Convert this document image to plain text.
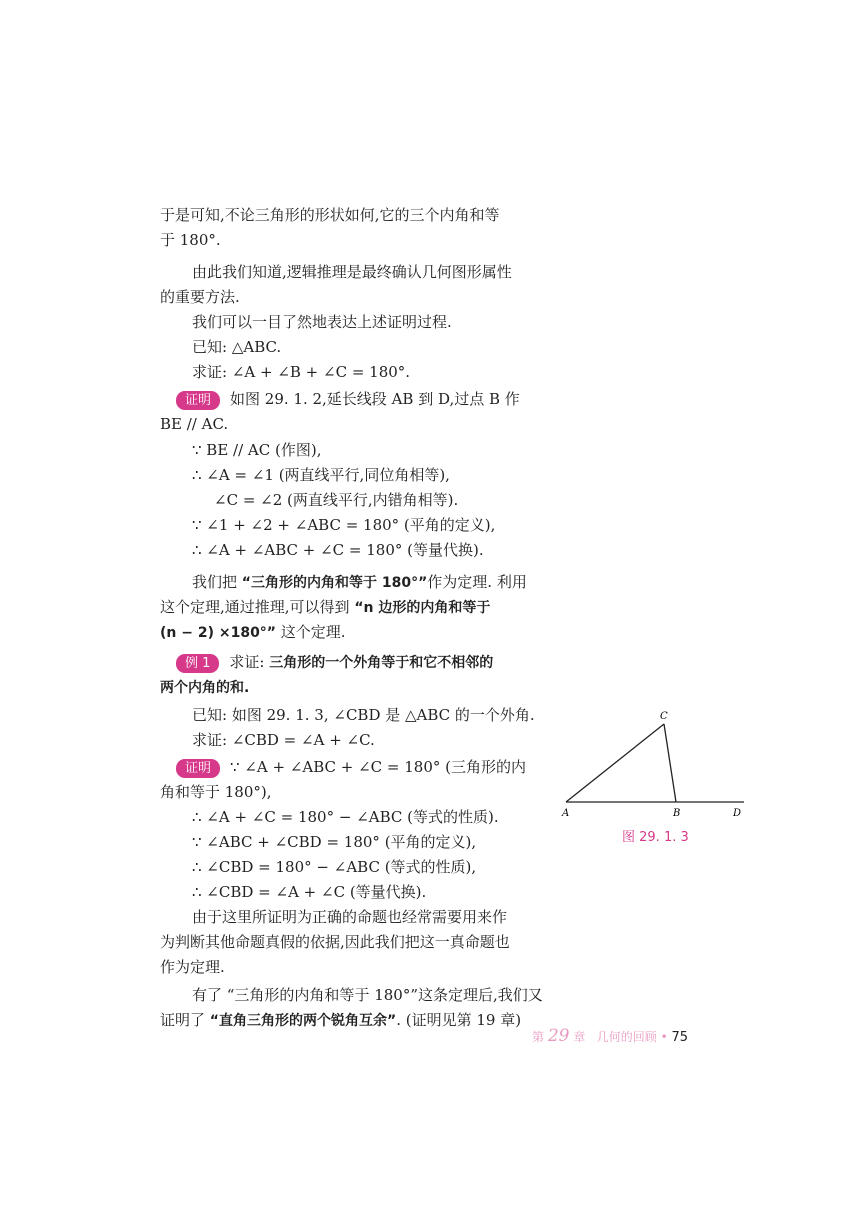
于是可知,不论三角形的形状如何,它的三个内角和等
于 180°.
由此我们知道,逻辑推理是最终确认几何图形属性
的重要方法.
我们可以一目了然地表达上述证明过程.
已知: △ABC.
求证: ∠A + ∠B + ∠C = 180°.
证明 如图 29. 1. 2,延长线段 AB 到 D,过点 B 作
BE // AC.
∵ BE // AC (作图),
∴ ∠A = ∠1 (两直线平行,同位角相等),
∠C = ∠2 (两直线平行,内错角相等).
∵ ∠1 + ∠2 + ∠ABC = 180° (平角的定义),
∴ ∠A + ∠ABC + ∠C = 180° (等量代换).
我们把 “三角形的内角和等于 180°”作为定理. 利用
这个定理,通过推理,可以得到 “n 边形的内角和等于
(n − 2) ×180°” 这个定理.
例 1 求证: 三角形的一个外角等于和它不相邻的
两个内角的和.
已知: 如图 29. 1. 3, ∠CBD 是 △ABC 的一个外角.
求证: ∠CBD = ∠A + ∠C.
证明 ∵ ∠A + ∠ABC + ∠C = 180° (三角形的内
角和等于 180°),
∴ ∠A + ∠C = 180° − ∠ABC (等式的性质).
∵ ∠ABC + ∠CBD = 180° (平角的定义),
∴ ∠CBD = 180° − ∠ABC (等式的性质),
∴ ∠CBD = ∠A + ∠C (等量代换).
由于这里所证明为正确的命题也经常需要用来作
为判断其他命题真假的依据,因此我们把这一真命题也
作为定理.
有了 “三角形的内角和等于 180°”这条定理后,我们又
证明了 “直角三角形的两个锐角互余”. (证明见第 19 章)
A	B
C
D
图 29. 1. 3
第 29 章 几何的回顾 • 75
